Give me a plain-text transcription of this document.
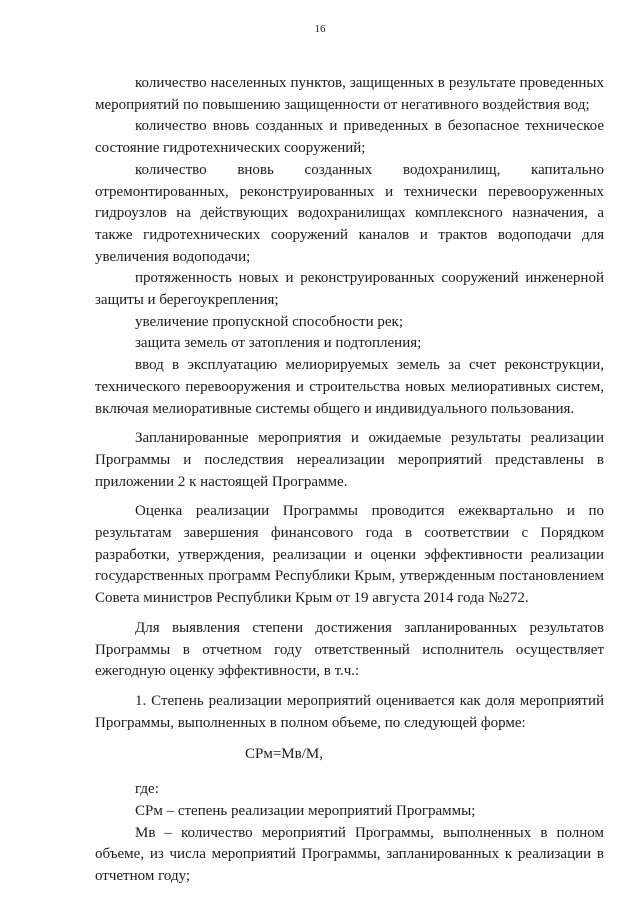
16

количество населенных пунктов, защищенных в результате проведенных мероприятий по повышению защищенности от негативного воздействия вод;

количество вновь созданных и приведенных в безопасное техническое состояние гидротехнических сооружений;

количество вновь созданных водохранилищ, капитально отремонтированных, реконструированных и технически перевооруженных гидроузлов на действующих водохранилищах комплексного назначения, а также гидротехнических сооружений каналов и трактов водоподачи для увеличения водоподачи;

протяженность новых и реконструированных сооружений инженерной защиты и берегоукрепления;

увеличение пропускной способности рек;

защита земель от затопления и подтопления;

ввод в эксплуатацию мелиорируемых земель за счет реконструкции, технического перевооружения и строительства новых мелиоративных систем, включая мелиоративные системы общего и индивидуального пользования.

Запланированные мероприятия и ожидаемые результаты реализации Программы и последствия нереализации мероприятий представлены в приложении 2 к настоящей Программе.

Оценка реализации Программы проводится ежеквартально и по результатам завершения финансового года в соответствии с Порядком разработки, утверждения, реализации и оценки эффективности реализации государственных программ Республики Крым, утвержденным постановлением Совета министров Республики Крым от 19 августа 2014 года №272.

Для выявления степени достижения запланированных результатов Программы в отчетном году ответственный исполнитель осуществляет ежегодную оценку эффективности, в т.ч.:

1. Степень реализации мероприятий оценивается как доля мероприятий Программы, выполненных в полном объеме, по следующей форме:

СРм=Мв/М,

где:

СРм – степень реализации мероприятий Программы;

Мв – количество мероприятий Программы, выполненных в полном объеме, из числа мероприятий Программы, запланированных к реализации в отчетном году;
